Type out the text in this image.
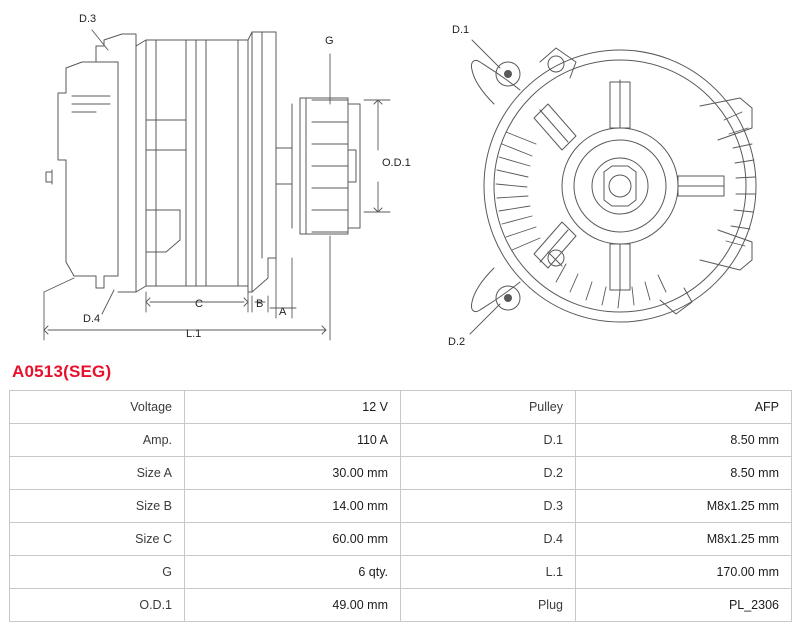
D.3
G
O.D.1
D.4
C	B
A
L.1
D.1
D.2
A0513(SEG)
Voltage	12 V	Pulley	AFP
Amp.	110 A	D.1	8.50 mm
Size A	30.00 mm	D.2	8.50 mm
Size B	14.00 mm	D.3	M8x1.25 mm
Size C	60.00 mm	D.4	M8x1.25 mm
G	6 qty.	L.1	170.00 mm
O.D.1	49.00 mm	Plug	PL_2306
